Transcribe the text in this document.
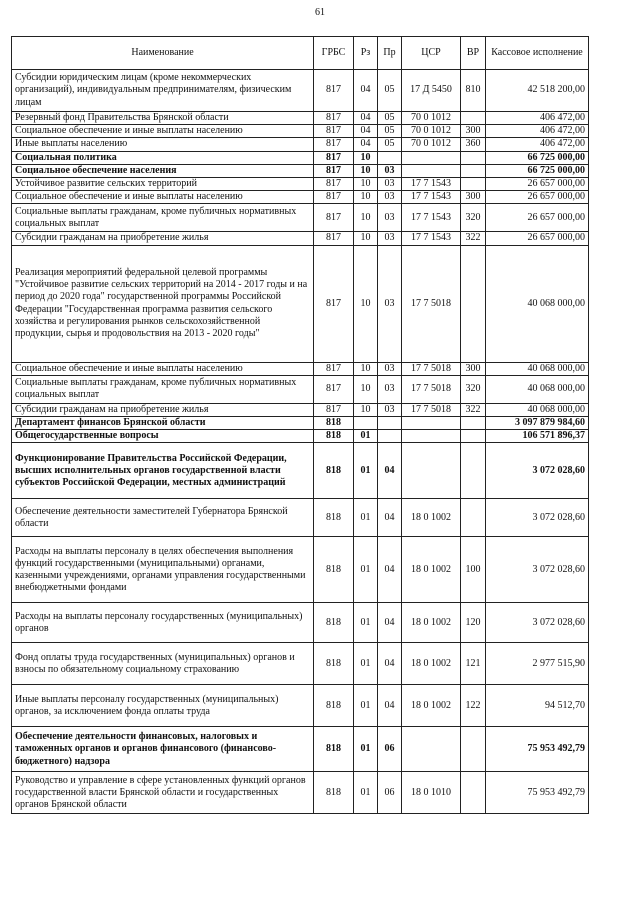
61
Наименование	ГРБС	Рз	Пр	ЦСР	ВР	Кассовое исполнение
Субсидии юридическим лицам (кроме некоммерческих организаций), индивидуальным предпринимателям, физическим лицам	817	04	05	17 Д 5450	810	42 518 200,00
Резервный фонд Правительства Брянской области	817	04	05	70 0 1012		406 472,00
Социальное обеспечение и иные выплаты населению	817	04	05	70 0 1012	300	406 472,00
Иные выплаты населению	817	04	05	70 0 1012	360	406 472,00
Социальная политика	817	10				66 725 000,00
Социальное обеспечение населения	817	10	03			66 725 000,00
Устойчивое развитие сельских территорий	817	10	03	17 7 1543		26 657 000,00
Социальное обеспечение и иные выплаты населению	817	10	03	17 7 1543	300	26 657 000,00
Социальные выплаты гражданам, кроме публичных нормативных социальных выплат	817	10	03	17 7 1543	320	26 657 000,00
Субсидии гражданам на приобретение жилья	817	10	03	17 7 1543	322	26 657 000,00
Реализация мероприятий федеральной целевой программы "Устойчивое развитие сельских территорий на 2014 - 2017 годы и на период до 2020 года" государственной программы Российской Федерации "Государственная программа развития сельского хозяйства и регулирования рынков сельскохозяйственной продукции, сырья и продовольствия на 2013 - 2020 годы"	817	10	03	17 7 5018		40 068 000,00
Социальное обеспечение и иные выплаты населению	817	10	03	17 7 5018	300	40 068 000,00
Социальные выплаты гражданам, кроме публичных нормативных социальных выплат	817	10	03	17 7 5018	320	40 068 000,00
Субсидии гражданам на приобретение жилья	817	10	03	17 7 5018	322	40 068 000,00
Департамент финансов Брянской области	818					3 097 879 984,60
Общегосударственные вопросы	818	01				106 571 896,37
Функционирование Правительства Российской Федерации, высших исполнительных органов государственной власти субъектов Российской Федерации, местных администраций	818	01	04			3 072 028,60
Обеспечение деятельности заместителей Губернатора Брянской области	818	01	04	18 0 1002		3 072 028,60
Расходы на выплаты персоналу в целях обеспечения выполнения функций государственными (муниципальными) органами, казенными учреждениями, органами управления государственными внебюджетными фондами	818	01	04	18 0 1002	100	3 072 028,60
Расходы на выплаты персоналу государственных (муниципальных) органов	818	01	04	18 0 1002	120	3 072 028,60
Фонд оплаты труда государственных (муниципальных) органов и взносы по обязательному социальному страхованию	818	01	04	18 0 1002	121	2 977 515,90
Иные выплаты персоналу государственных (муниципальных) органов, за исключением фонда оплаты труда	818	01	04	18 0 1002	122	94 512,70
Обеспечение деятельности финансовых, налоговых и таможенных органов и органов финансового (финансово-бюджетного) надзора	818	01	06			75 953 492,79
Руководство и управление в сфере установленных функций органов государственной власти Брянской области и государственных органов Брянской области	818	01	06	18 0 1010		75 953 492,79
